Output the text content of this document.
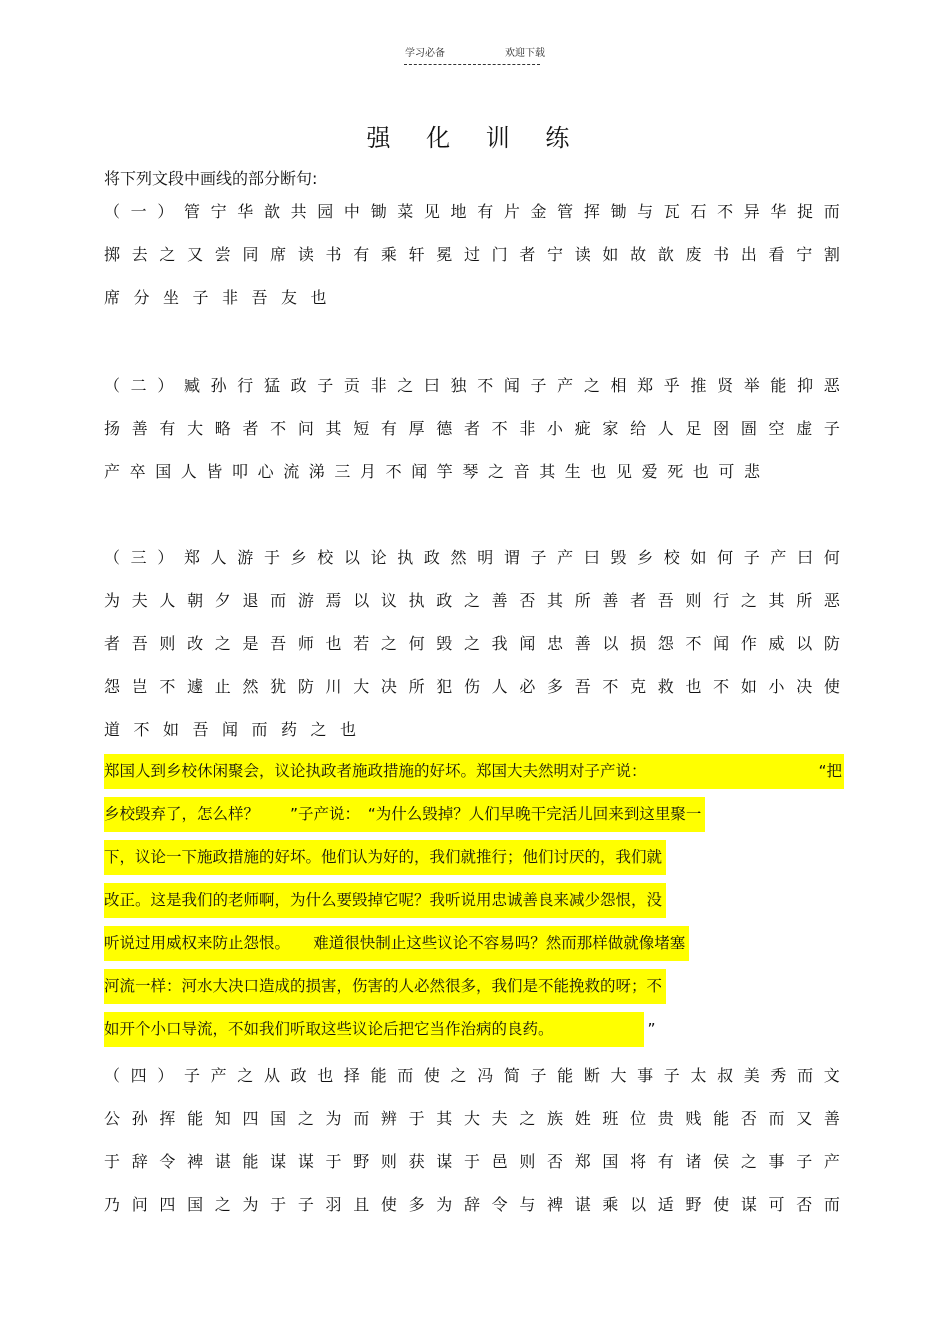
学习必备	欢迎下载
强 化 训 练
将下列文段中画线的部分断句:
（ 一 ） 管 宁 华 歆 共 园 中 锄 菜 见 地 有 片 金 管 挥 锄 与 瓦 石 不 异 华 捉 而
掷 去 之 又 尝 同 席 读 书 有 乘 轩 冕 过 门 者 宁 读 如 故 歆 废 书 出 看 宁 割
席分坐子非吾友也
（ 二 ） 臧 孙 行 猛 政 子 贡 非 之 曰 独 不 闻 子 产 之 相 郑 乎 推 贤 举 能 抑 恶
扬 善 有 大 略 者 不 问 其 短 有 厚 德 者 不 非 小 疵 家 给 人 足 囹 圄 空 虚 子
产卒国人皆叩心流涕三月不闻竽琴之音其生也见爱死也可悲
（ 三 ） 郑 人 游 于 乡 校 以 论 执 政 然 明 谓 子 产 曰 毁 乡 校 如 何 子 产 曰 何
为 夫 人 朝 夕 退 而 游 焉 以 议 执 政 之 善 否 其 所 善 者 吾 则 行 之 其 所 恶
者 吾 则 改 之 是 吾 师 也 若 之 何 毁 之 我 闻 忠 善 以 损 怨 不 闻 作 威 以 防
怨 岂 不 遽 止 然 犹 防 川 大 决 所 犯 伤 人 必 多 吾 不 克 救 也 不 如 小 决 使
道不如吾闻而药之也
郑国人到乡校休闲聚会，议论执政者施政措施的好坏。郑国大夫然明对子产说：	“把
乡校毁弃了，怎么样？　　”子产说：　“为什么毁掉？人们早晚干完活儿回来到这里聚一
下，议论一下施政措施的好坏。他们认为好的，我们就推行；他们讨厌的，我们就
改正。这是我们的老师啊，为什么要毁掉它呢？我听说用忠诚善良来减少怨恨，没
听说过用威权来防止怨恨。　　难道很快制止这些议论不容易吗？然而那样做就像堵塞
河流一样：河水大决口造成的损害，伤害的人必然很多，我们是不能挽救的呀；不
如开个小口导流，不如我们听取这些议论后把它当作治病的良药。	”
（ 四 ） 子 产 之 从 政 也 择 能 而 使 之 冯 简 子 能 断 大 事 子 太 叔 美 秀 而 文
公 孙 挥 能 知 四 国 之 为 而 辨 于 其 大 夫 之 族 姓 班 位 贵 贱 能 否 而 又 善
于 辞 令 裨 谌 能 谋 谋 于 野 则 获 谋 于 邑 则 否 郑 国 将 有 诸 侯 之 事 子 产
乃 问 四 国 之 为 于 子 羽 且 使 多 为 辞 令 与 裨 谌 乘 以 适 野 使 谋 可 否 而
